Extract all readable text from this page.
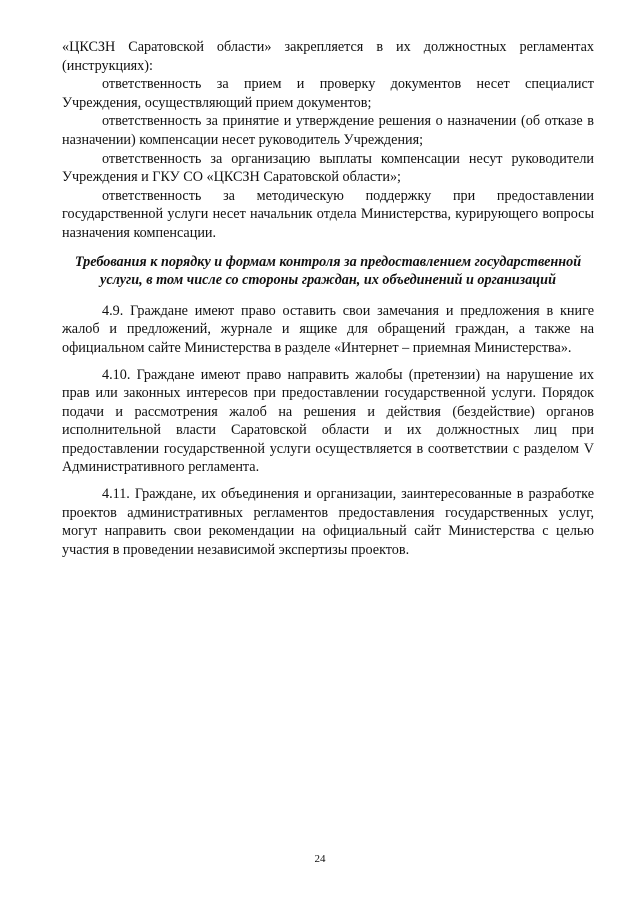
«ЦКСЗН Саратовской области» закрепляется в их должностных регламентах (инструкциях):

ответственность за прием и проверку документов несет специалист Учреждения, осуществляющий прием документов;

ответственность за принятие и утверждение решения о назначении (об отказе в назначении) компенсации несет руководитель Учреждения;

ответственность за организацию выплаты компенсации несут руководители Учреждения и ГКУ СО «ЦКСЗН Саратовской области»;

ответственность за методическую поддержку при предоставлении государственной услуги несет начальник отдела Министерства, курирующего вопросы назначения компенсации.

Требования к порядку и формам контроля за предоставлением государственной услуги, в том числе со стороны граждан, их объединений и организаций

4.9. Граждане имеют право оставить свои замечания и предложения в книге жалоб и предложений, журнале и ящике для обращений граждан, а также на официальном сайте Министерства в разделе «Интернет – приемная Министерства».

4.10. Граждане имеют право направить жалобы (претензии) на нарушение их прав или законных интересов при предоставлении государственной услуги. Порядок подачи и рассмотрения жалоб на решения и действия (бездействие) органов исполнительной власти Саратовской области и их должностных лиц при предоставлении государственной услуги осуществляется в соответствии с разделом V Административного регламента.

4.11. Граждане, их объединения и организации, заинтересованные в разработке проектов административных регламентов предоставления государственных услуг, могут направить свои рекомендации на официальный сайт Министерства с целью участия в проведении независимой экспертизы проектов.

24
